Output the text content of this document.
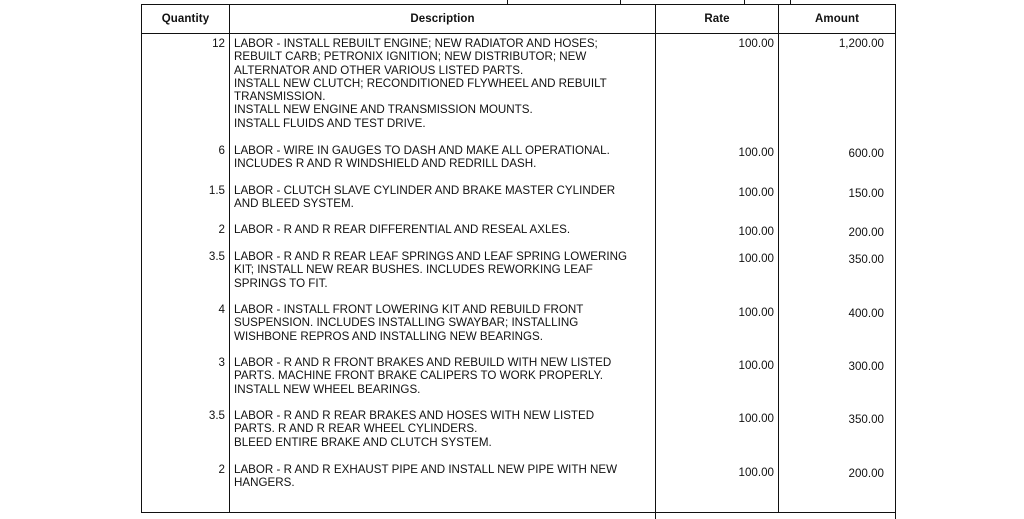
Quantity	Description	Rate	Amount
12 LABOR - INSTALL REBUILT ENGINE; NEW RADIATOR AND HOSES;
REBUILT CARB; PETRONIX IGNITION; NEW DISTRIBUTOR; NEW
ALTERNATOR AND OTHER VARIOUS LISTED PARTS.
INSTALL NEW CLUTCH; RECONDITIONED FLYWHEEL AND REBUILT
TRANSMISSION.
INSTALL NEW ENGINE AND TRANSMISSION MOUNTS.
INSTALL FLUIDS AND TEST DRIVE.
100.00	1,200.00
6 LABOR - WIRE IN GAUGES TO DASH AND MAKE ALL OPERATIONAL.
INCLUDES R AND R WINDSHIELD AND REDRILL DASH.
100.00	600.00
1.5 LABOR - CLUTCH SLAVE CYLINDER AND BRAKE MASTER CYLINDER
AND BLEED SYSTEM.
100.00	150.00
2 LABOR - R AND R REAR DIFFERENTIAL AND RESEAL AXLES.	100.00	200.00
3.5 LABOR - R AND R REAR LEAF SPRINGS AND LEAF SPRING LOWERING
KIT; INSTALL NEW REAR BUSHES. INCLUDES REWORKING LEAF
SPRINGS TO FIT.
100.00	350.00
4 LABOR - INSTALL FRONT LOWERING KIT AND REBUILD FRONT
SUSPENSION. INCLUDES INSTALLING SWAYBAR; INSTALLING
WISHBONE REPROS AND INSTALLING NEW BEARINGS.
100.00	400.00
3 LABOR - R AND R FRONT BRAKES AND REBUILD WITH NEW LISTED
PARTS. MACHINE FRONT BRAKE CALIPERS TO WORK PROPERLY.
INSTALL NEW WHEEL BEARINGS.
100.00	300.00
3.5 LABOR - R AND R REAR BRAKES AND HOSES WITH NEW LISTED
PARTS. R AND R REAR WHEEL CYLINDERS.
BLEED ENTIRE BRAKE AND CLUTCH SYSTEM.
100.00	350.00
2 LABOR - R AND R EXHAUST PIPE AND INSTALL NEW PIPE WITH NEW
HANGERS.
100.00	200.00
